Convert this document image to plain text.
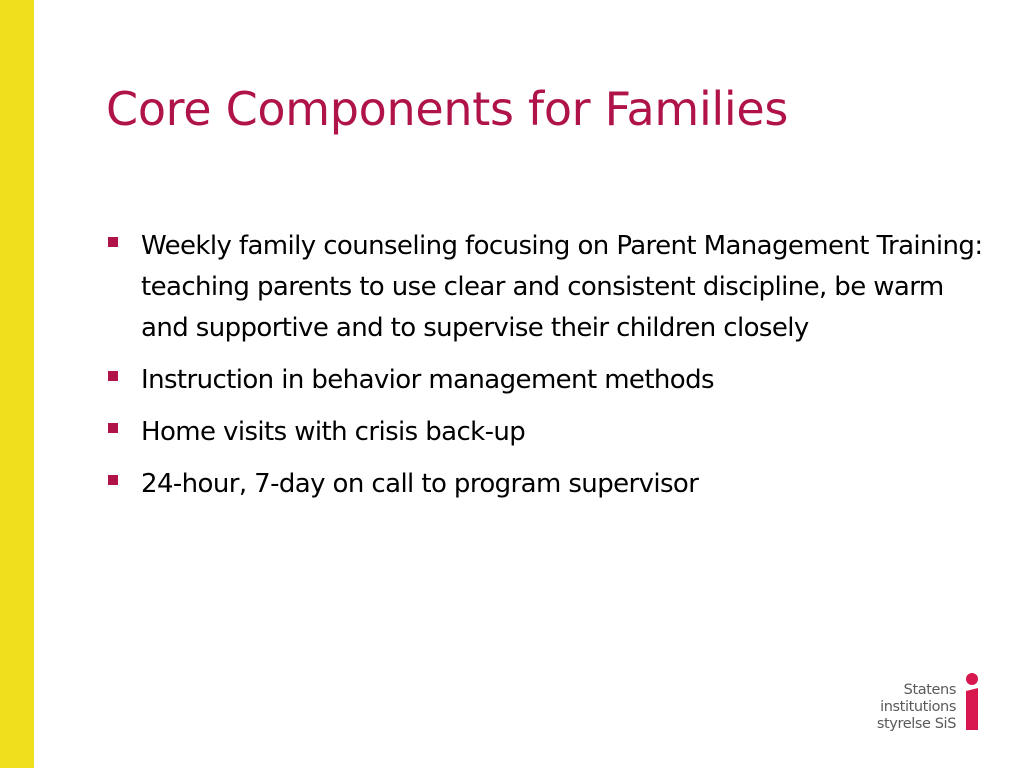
Core Components for Families
Weekly family counseling focusing on Parent Management Training: teaching parents to use clear and consistent discipline, be warm and supportive and to supervise their children closely
Instruction in behavior management methods
Home visits with crisis back-up
24-hour, 7-day on call to program supervisor
Statens
institutions
styrelse SiS
